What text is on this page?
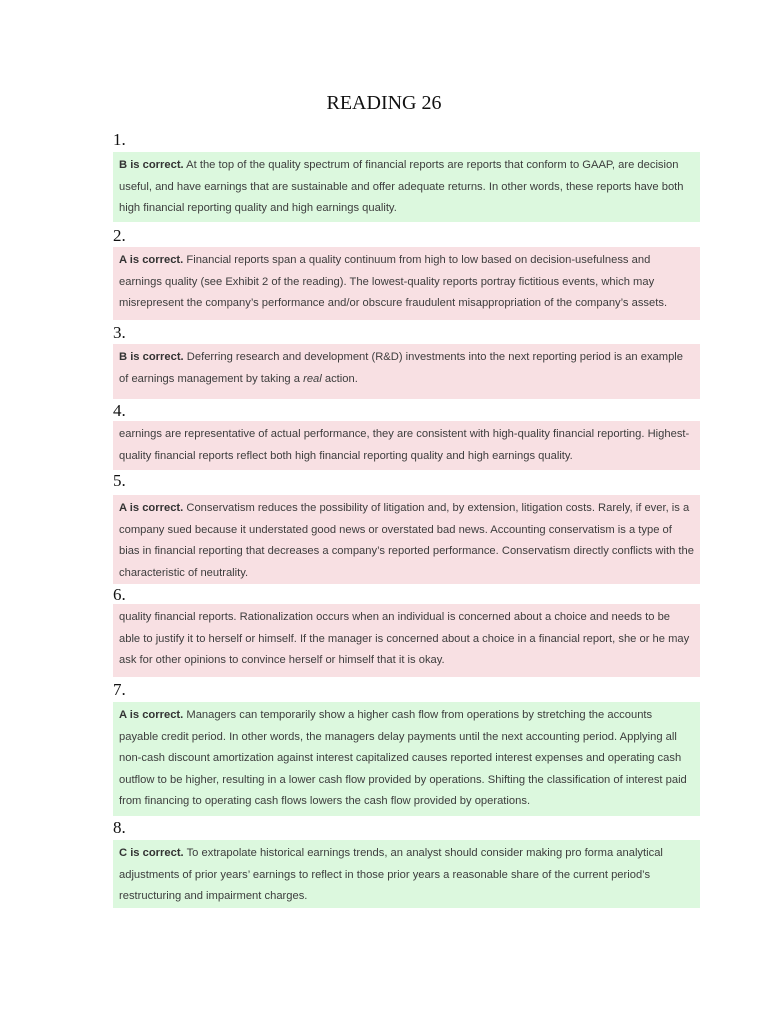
READING 26
1.
B is correct. At the top of the quality spectrum of financial reports are reports that conform to GAAP, are decision useful, and have earnings that are sustainable and offer adequate returns. In other words, these reports have both high financial reporting quality and high earnings quality.
2.
A is correct. Financial reports span a quality continuum from high to low based on decision-usefulness and earnings quality (see Exhibit 2 of the reading). The lowest-quality reports portray fictitious events, which may misrepresent the company’s performance and/or obscure fraudulent misappropriation of the company’s assets.
3.
B is correct. Deferring research and development (R&D) investments into the next reporting period is an example of earnings management by taking a real action.
4.
earnings are representative of actual performance, they are consistent with high-quality financial reporting. Highest-quality financial reports reflect both high financial reporting quality and high earnings quality.
5.
A is correct. Conservatism reduces the possibility of litigation and, by extension, litigation costs. Rarely, if ever, is a company sued because it understated good news or overstated bad news. Accounting conservatism is a type of bias in financial reporting that decreases a company’s reported performance. Conservatism directly conflicts with the characteristic of neutrality.
6.
quality financial reports. Rationalization occurs when an individual is concerned about a choice and needs to be able to justify it to herself or himself. If the manager is concerned about a choice in a financial report, she or he may ask for other opinions to convince herself or himself that it is okay.
7.
A is correct. Managers can temporarily show a higher cash flow from operations by stretching the accounts payable credit period. In other words, the managers delay payments until the next accounting period. Applying all non-cash discount amortization against interest capitalized causes reported interest expenses and operating cash outflow to be higher, resulting in a lower cash flow provided by operations. Shifting the classification of interest paid from financing to operating cash flows lowers the cash flow provided by operations.
8.
C is correct. To extrapolate historical earnings trends, an analyst should consider making pro forma analytical adjustments of prior years’ earnings to reflect in those prior years a reasonable share of the current period’s restructuring and impairment charges.
